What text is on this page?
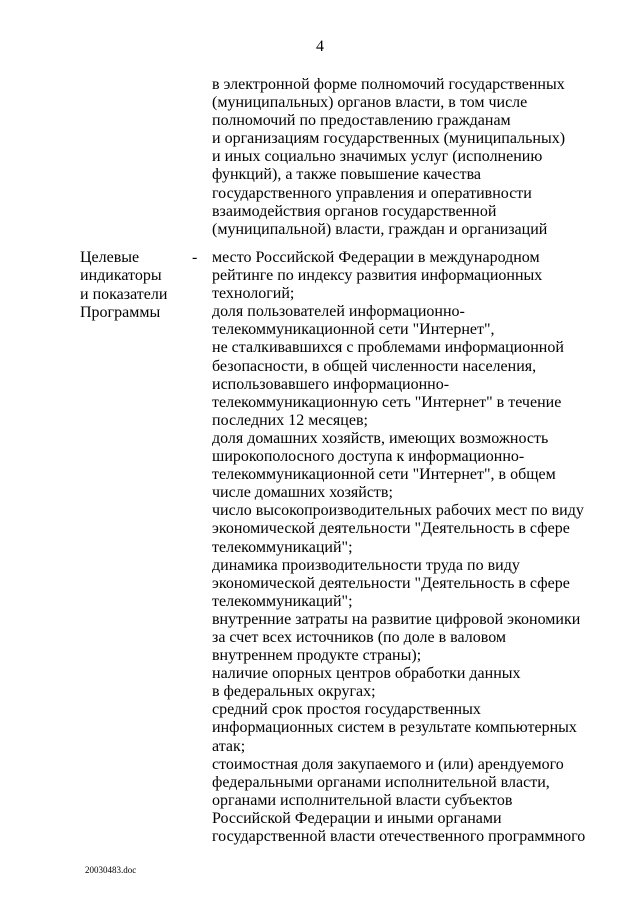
4
в электронной форме полномочий государственных
(муниципальных) органов власти, в том числе
полномочий по предоставлению гражданам
и организациям государственных (муниципальных)
и иных социально значимых услуг (исполнению
функций), а также повышение качества
государственного управления и оперативности
взаимодействия органов государственной
(муниципальной) власти, граждан и организаций
Целевые
индикаторы
и показатели
Программы
- место Российской Федерации в международном
рейтинге по индексу развития информационных
технологий;
доля пользователей информационно-
телекоммуникационной сети "Интернет",
не сталкивавшихся с проблемами информационной
безопасности, в общей численности населения,
использовавшего информационно-
телекоммуникационную сеть "Интернет" в течение
последних 12 месяцев;
доля домашних хозяйств, имеющих возможность
широкополосного доступа к информационно-
телекоммуникационной сети "Интернет", в общем
числе домашних хозяйств;
число высокопроизводительных рабочих мест по виду
экономической деятельности "Деятельность в сфере
телекоммуникаций";
динамика производительности труда по виду
экономической деятельности "Деятельность в сфере
телекоммуникаций";
внутренние затраты на развитие цифровой экономики
за счет всех источников (по доле в валовом
внутреннем продукте страны);
наличие опорных центров обработки данных
в федеральных округах;
средний срок простоя государственных
информационных систем в результате компьютерных
атак;
стоимостная доля закупаемого и (или) арендуемого
федеральными органами исполнительной власти,
органами исполнительной власти субъектов
Российской Федерации и иными органами
государственной власти отечественного программного
20030483.doc
